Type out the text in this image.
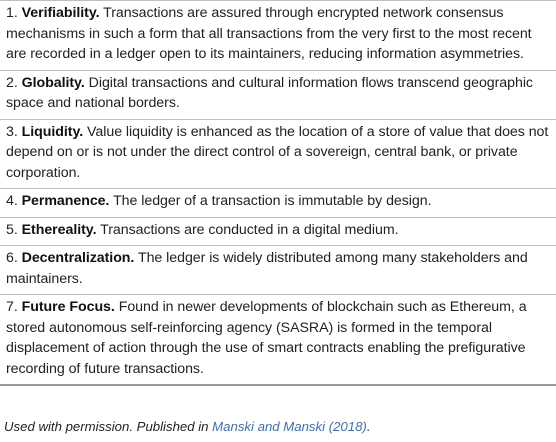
1. Verifiability. Transactions are assured through encrypted network consensus mechanisms in such a form that all transactions from the very first to the most recent are recorded in a ledger open to its maintainers, reducing information asymmetries.
2. Globality. Digital transactions and cultural information flows transcend geographic space and national borders.
3. Liquidity. Value liquidity is enhanced as the location of a store of value that does not depend on or is not under the direct control of a sovereign, central bank, or private corporation.
4. Permanence. The ledger of a transaction is immutable by design.
5. Ethereality. Transactions are conducted in a digital medium.
6. Decentralization. The ledger is widely distributed among many stakeholders and maintainers.
7. Future Focus. Found in newer developments of blockchain such as Ethereum, a stored autonomous self-reinforcing agency (SASRA) is formed in the temporal displacement of action through the use of smart contracts enabling the prefigurative recording of future transactions.
Used with permission. Published in Manski and Manski (2018).
